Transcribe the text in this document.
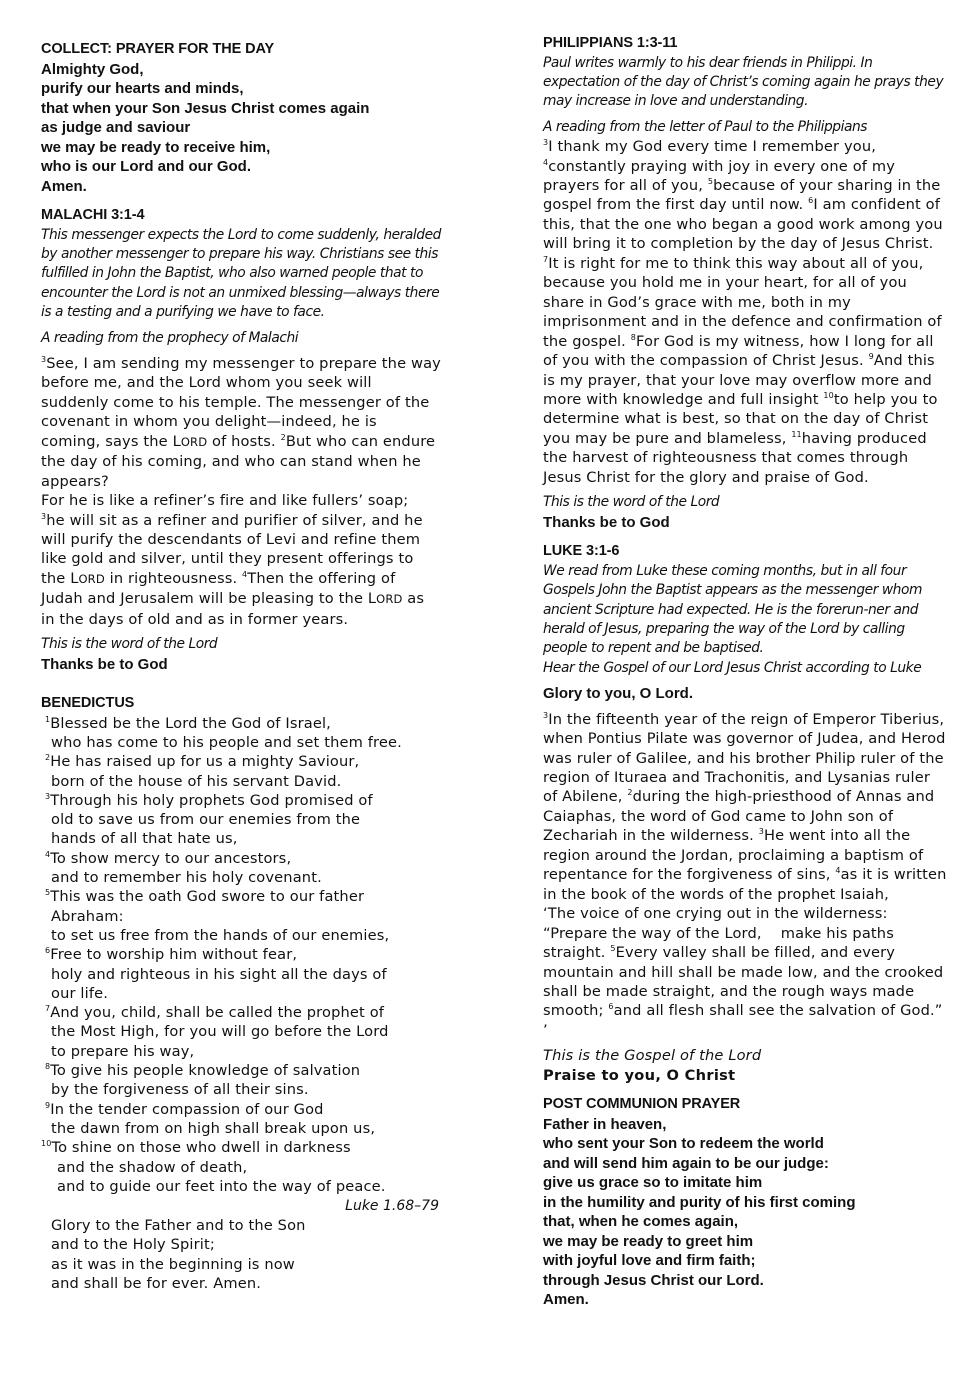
COLLECT: PRAYER FOR THE DAY
Almighty God,
purify our hearts and minds,
that when your Son Jesus Christ comes again
as judge and saviour
we may be ready to receive him,
who is our Lord and our God.
Amen.
MALACHI 3:1-4
This messenger expects the Lord to come suddenly, heralded by another messenger to prepare his way. Christians see this fulfilled in John the Baptist, who also warned people that to encounter the Lord is not an unmixed blessing—always there is a testing and a purifying we have to face.
A reading from the prophecy of Malachi
$^3$See, I am sending my messenger to prepare the way before me, and the Lord whom you seek will suddenly come to his temple. The messenger of the covenant in whom you delight—indeed, he is coming, says the LORD of hosts. $^2$But who can endure the day of his coming, and who can stand when he appears?
For he is like a refiner’s fire and like fullers’ soap;
$^3$he will sit as a refiner and purifier of silver, and he will purify the descendants of Levi and refine them like gold and silver, until they present offerings to the LORD in righteousness. $^4$Then the offering of Judah and Jerusalem will be pleasing to the LORD as in the days of old and as in former years.
This is the word of the Lord
Thanks be to God
BENEDICTUS
$^1$Blessed be the Lord the God of Israel,
who has come to his people and set them free.
$^2$He has raised up for us a mighty Saviour,
born of the house of his servant David.
$^3$Through his holy prophets God promised of
old to save us from our enemies from the
hands of all that hate us,
$^4$To show mercy to our ancestors,
and to remember his holy covenant.
$^5$This was the oath God swore to our father
Abraham:
to set us free from the hands of our enemies,
$^6$Free to worship him without fear,
holy and righteous in his sight all the days of
our life.
$^7$And you, child, shall be called the prophet of
the Most High, for you will go before the Lord
to prepare his way,
$^8$To give his people knowledge of salvation
by the forgiveness of all their sins.
$^9$In the tender compassion of our God
the dawn from on high shall break upon us,
$^{10}$To shine on those who dwell in darkness
and the shadow of death,
and to guide our feet into the way of peace.
Luke 1.68–79
Glory to the Father and to the Son
and to the Holy Spirit;
as it was in the beginning is now
and shall be for ever. Amen.
PHILIPPIANS 1:3-11
Paul writes warmly to his dear friends in Philippi. In expectation of the day of Christ’s coming again he prays they may increase in love and understanding.
A reading from the letter of Paul to the Philippians
$^3$I thank my God every time I remember you, $^4$constantly praying with joy in every one of my prayers for all of you, $^5$because of your sharing in the gospel from the first day until now. $^6$I am confident of this, that the one who began a good work among you will bring it to completion by the day of Jesus Christ. $^7$It is right for me to think this way about all of you, because you hold me in your heart, for all of you share in God’s grace with me, both in my imprisonment and in the defence and confirmation of the gospel. $^8$For God is my witness, how I long for all of you with the compassion of Christ Jesus. $^9$And this is my prayer, that your love may overflow more and more with knowledge and full insight $^{10}$to help you to determine what is best, so that on the day of Christ you may be pure and blameless, $^{11}$having produced the harvest of righteousness that comes through Jesus Christ for the glory and praise of God.
This is the word of the Lord
Thanks be to God
LUKE 3:1-6
We read from Luke these coming months, but in all four Gospels John the Baptist appears as the messenger whom ancient Scripture had expected. He is the forerun-ner and herald of Jesus, preparing the way of the Lord by calling people to repent and be baptised.
Hear the Gospel of our Lord Jesus Christ according to Luke
Glory to you, O Lord.
$^3$In the fifteenth year of the reign of Emperor Tiberius, when Pontius Pilate was governor of Judea, and Herod was ruler of Galilee, and his brother Philip ruler of the region of Ituraea and Trachonitis, and Lysanias ruler of Abilene, $^2$during the high-priesthood of Annas and Caiaphas, the word of God came to John son of Zechariah in the wilderness. $^3$He went into all the region around the Jordan, proclaiming a baptism of repentance for the forgiveness of sins, $^4$as it is written in the book of the words of the prophet Isaiah,
‘The voice of one crying out in the wilderness: “Prepare the way of the Lord,    make his paths straight. $^5$Every valley shall be filled, and every mountain and hill shall be made low, and the crooked shall be made straight, and the rough ways made smooth; $^6$and all flesh shall see the salvation of God.” ’
This is the Gospel of the Lord
Praise to you, O Christ
POST COMMUNION PRAYER
Father in heaven,
who sent your Son to redeem the world
and will send him again to be our judge:
give us grace so to imitate him
in the humility and purity of his first coming
that, when he comes again,
we may be ready to greet him
with joyful love and firm faith;
through Jesus Christ our Lord.
Amen.
